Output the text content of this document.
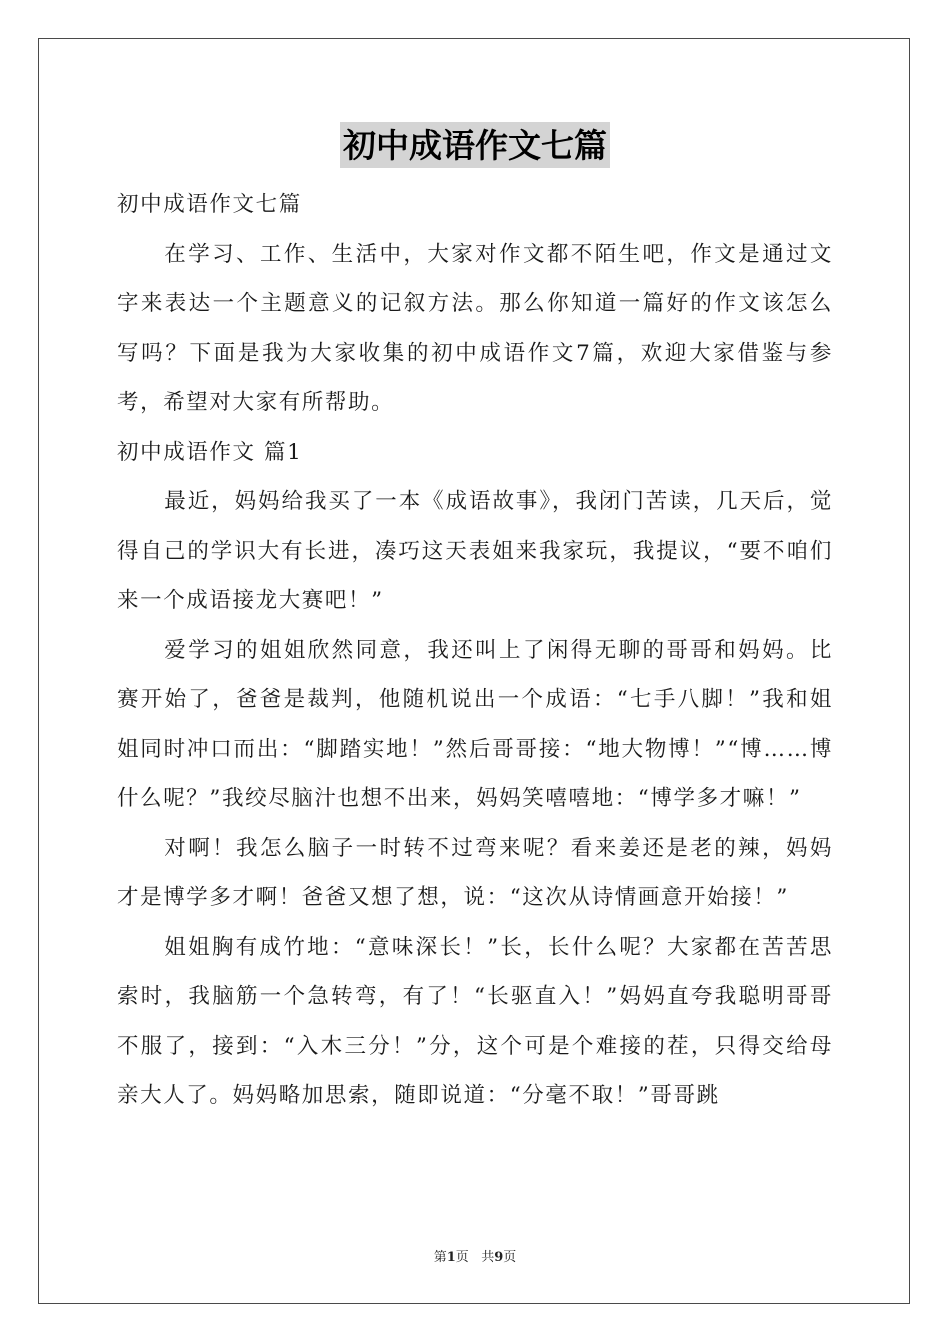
初中成语作文七篇

初中成语作文七篇

在学习、工作、生活中，大家对作文都不陌生吧，作文是通过文字来表达一个主题意义的记叙方法。那么你知道一篇好的作文该怎么写吗？下面是我为大家收集的初中成语作文7篇，欢迎大家借鉴与参考，希望对大家有所帮助。

初中成语作文 篇1

最近，妈妈给我买了一本《成语故事》，我闭门苦读，几天后，觉得自己的学识大有长进，凑巧这天表姐来我家玩，我提议，“要不咱们来一个成语接龙大赛吧！”

爱学习的姐姐欣然同意，我还叫上了闲得无聊的哥哥和妈妈。比赛开始了，爸爸是裁判，他随机说出一个成语：“七手八脚！”我和姐姐同时冲口而出：“脚踏实地！”然后哥哥接：“地大物博！”“博……博什么呢？”我绞尽脑汁也想不出来，妈妈笑嘻嘻地：“博学多才嘛！”

对啊！我怎么脑子一时转不过弯来呢？看来姜还是老的辣，妈妈才是博学多才啊！爸爸又想了想，说：“这次从诗情画意开始接！”

姐姐胸有成竹地：“意味深长！”长，长什么呢？大家都在苦苦思索时，我脑筋一个急转弯，有了！“长驱直入！”妈妈直夸我聪明哥哥不服了，接到：“入木三分！”分，这个可是个难接的茬，只得交给母亲大人了。妈妈略加思索，随即说道：“分毫不取！”哥哥跳

第1页 共9页
